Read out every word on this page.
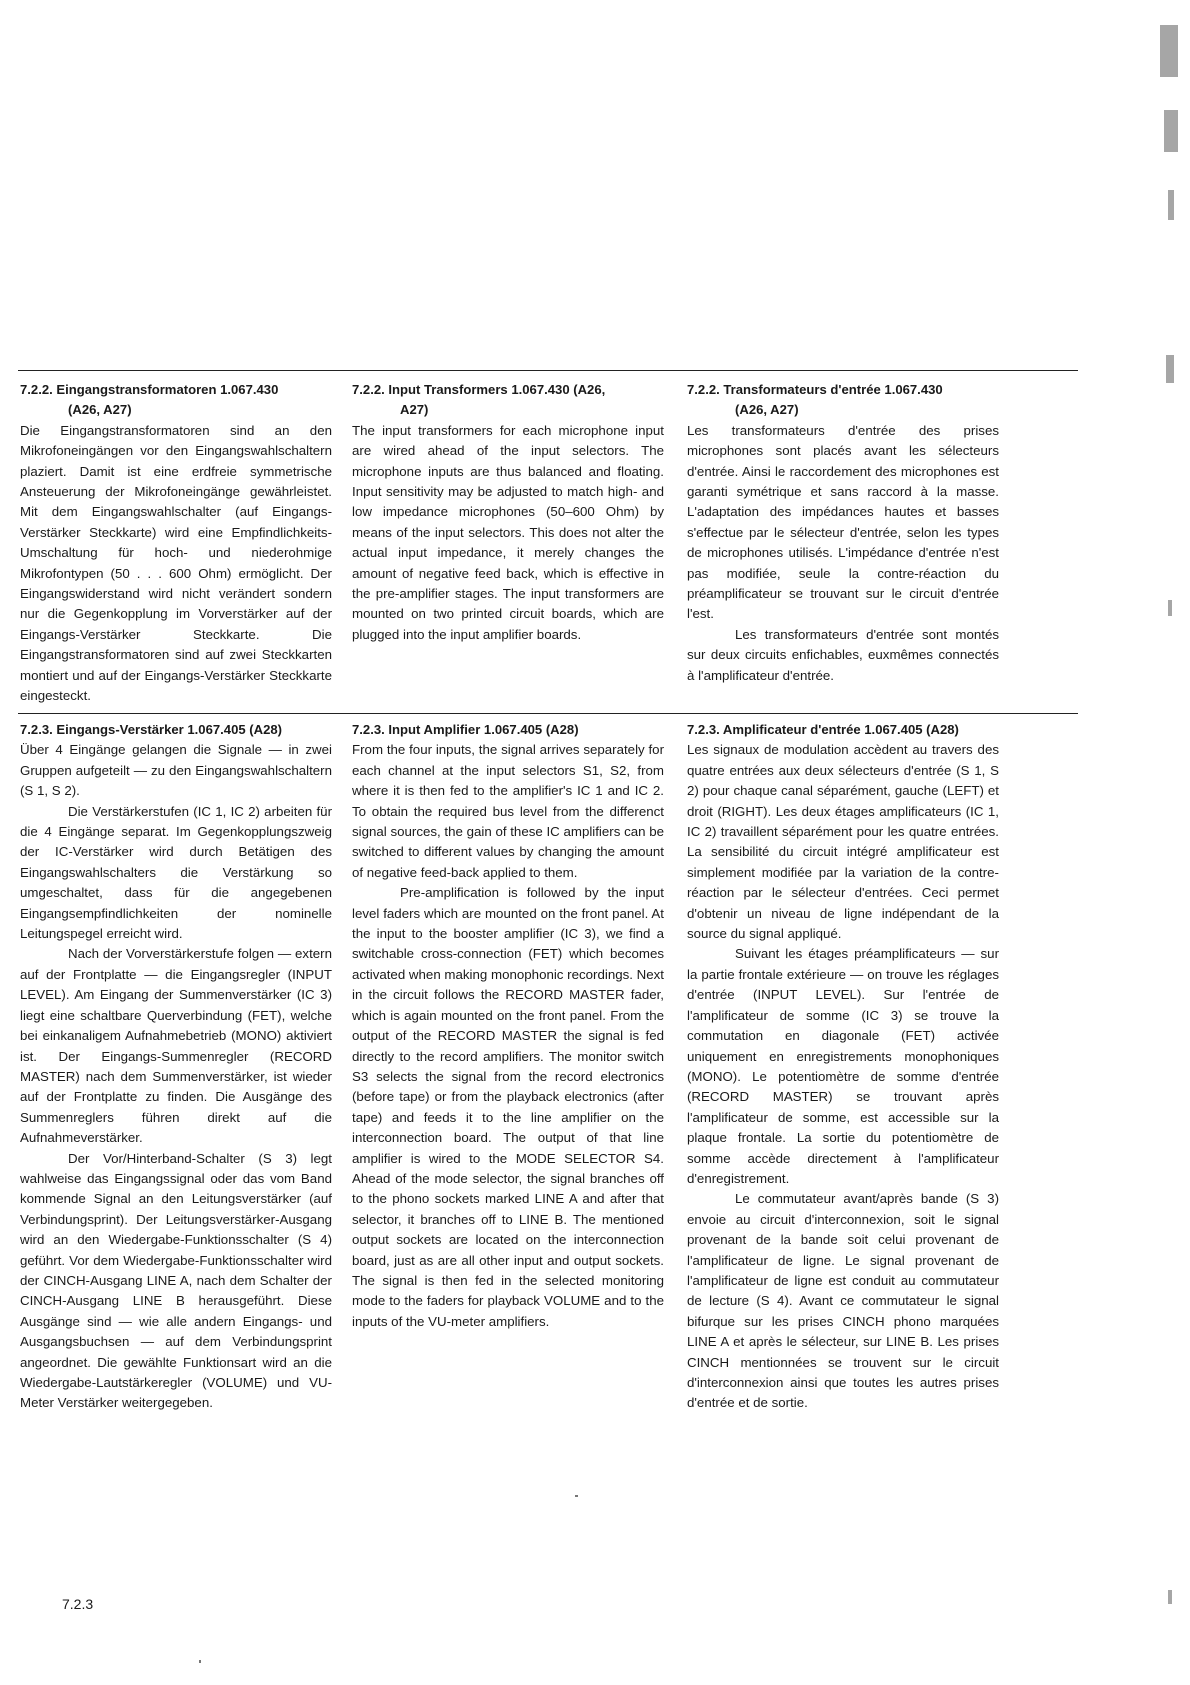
7.2.2. Eingangstransformatoren 1.067.430

(A26, A27)

Die Eingangstransformatoren sind an den Mikrofoneingängen vor den Eingangswahlschaltern plaziert. Damit ist eine erdfreie symmetrische Ansteuerung der Mikrofoneingänge gewährleistet. Mit dem Eingangswahlschalter (auf Eingangs-Verstärker Steckkarte) wird eine Empfindlichkeits-Umschaltung für hoch- und niederohmige Mikrofontypen (50 . . . 600 Ohm) ermöglicht. Der Eingangswiderstand wird nicht verändert sondern nur die Gegenkopplung im Vorverstärker auf der Eingangs-Verstärker Steckkarte. Die Eingangstransformatoren sind auf zwei Steckkarten montiert und auf der Eingangs-Verstärker Steckkarte eingesteckt.

7.2.2. Input Transformers 1.067.430 (A26,

A27)

The input transformers for each microphone input are wired ahead of the input selectors. The microphone inputs are thus balanced and floating. Input sensitivity may be adjusted to match high- and low impedance microphones (50–600 Ohm) by means of the input selectors. This does not alter the actual input impedance, it merely changes the amount of negative feed back, which is effective in the pre-amplifier stages. The input transformers are mounted on two printed circuit boards, which are plugged into the input amplifier boards.

7.2.2. Transformateurs d'entrée 1.067.430

(A26, A27)

Les transformateurs d'entrée des prises microphones sont placés avant les sélecteurs d'entrée. Ainsi le raccordement des microphones est garanti symétrique et sans raccord à la masse. L'adaptation des impédances hautes et basses s'effectue par le sélecteur d'entrée, selon les types de microphones utilisés. L'impédance d'entrée n'est pas modifiée, seule la contre-réaction du préamplificateur se trouvant sur le circuit d'entrée l'est.

Les transformateurs d'entrée sont montés sur deux circuits enfichables, euxmêmes connectés à l'amplificateur d'entrée.

7.2.3. Eingangs-Verstärker 1.067.405 (A28)

Über 4 Eingänge gelangen die Signale — in zwei Gruppen aufgeteilt — zu den Eingangswahlschaltern (S 1, S 2).

Die Verstärkerstufen (IC 1, IC 2) arbeiten für die 4 Eingänge separat. Im Gegenkopplungszweig der IC-Verstärker wird durch Betätigen des Eingangswahlschalters die Verstärkung so umgeschaltet, dass für die angegebenen Eingangsempfindlichkeiten der nominelle Leitungspegel erreicht wird.

Nach der Vorverstärkerstufe folgen — extern auf der Frontplatte — die Eingangsregler (INPUT LEVEL). Am Eingang der Summenverstärker (IC 3) liegt eine schaltbare Querverbindung (FET), welche bei einkanaligem Aufnahmebetrieb (MONO) aktiviert ist. Der Eingangs-Summenregler (RECORD MASTER) nach dem Summenverstärker, ist wieder auf der Frontplatte zu finden. Die Ausgänge des Summenreglers führen direkt auf die Aufnahmeverstärker.

Der Vor/Hinterband-Schalter (S 3) legt wahlweise das Eingangssignal oder das vom Band kommende Signal an den Leitungsverstärker (auf Verbindungsprint). Der Leitungsverstärker-Ausgang wird an den Wiedergabe-Funktionsschalter (S 4) geführt. Vor dem Wiedergabe-Funktionsschalter wird der CINCH-Ausgang LINE A, nach dem Schalter der CINCH-Ausgang LINE B herausgeführt. Diese Ausgänge sind — wie alle andern Eingangs- und Ausgangsbuchsen — auf dem Verbindungsprint angeordnet. Die gewählte Funktionsart wird an die Wiedergabe-Lautstärkeregler (VOLUME) und VU-Meter Verstärker weitergegeben.

7.2.3. Input Amplifier 1.067.405 (A28)

From the four inputs, the signal arrives separately for each channel at the input selectors S1, S2, from where it is then fed to the amplifier's IC 1 and IC 2. To obtain the required bus level from the differenct signal sources, the gain of these IC amplifiers can be switched to different values by changing the amount of negative feed-back applied to them.

Pre-amplification is followed by the input level faders which are mounted on the front panel. At the input to the booster amplifier (IC 3), we find a switchable cross-connection (FET) which becomes activated when making monophonic recordings. Next in the circuit follows the RECORD MASTER fader, which is again mounted on the front panel. From the output of the RECORD MASTER the signal is fed directly to the record amplifiers. The monitor switch S3 selects the signal from the record electronics (before tape) or from the playback electronics (after tape) and feeds it to the line amplifier on the interconnection board. The output of that line amplifier is wired to the MODE SELECTOR S4. Ahead of the mode selector, the signal branches off to the phono sockets marked LINE A and after that selector, it branches off to LINE B. The mentioned output sockets are located on the interconnection board, just as are all other input and output sockets. The signal is then fed in the selected monitoring mode to the faders for playback VOLUME and to the inputs of the VU-meter amplifiers.

7.2.3. Amplificateur d'entrée 1.067.405 (A28)

Les signaux de modulation accèdent au travers des quatre entrées aux deux sélecteurs d'entrée (S 1, S 2) pour chaque canal séparément, gauche (LEFT) et droit (RIGHT). Les deux étages amplificateurs (IC 1, IC 2) travaillent séparément pour les quatre entrées. La sensibilité du circuit intégré amplificateur est simplement modifiée par la variation de la contre-réaction par le sélecteur d'entrées. Ceci permet d'obtenir un niveau de ligne indépendant de la source du signal appliqué.

Suivant les étages préamplificateurs — sur la partie frontale extérieure — on trouve les réglages d'entrée (INPUT LEVEL). Sur l'entrée de l'amplificateur de somme (IC 3) se trouve la commutation en diagonale (FET) activée uniquement en enregistrements monophoniques (MONO). Le potentiomètre de somme d'entrée (RECORD MASTER) se trouvant après l'amplificateur de somme, est accessible sur la plaque frontale. La sortie du potentiomètre de somme accède directement à l'amplificateur d'enregistrement.

Le commutateur avant/après bande (S 3) envoie au circuit d'interconnexion, soit le signal provenant de la bande soit celui provenant de l'amplificateur de ligne. Le signal provenant de l'amplificateur de ligne est conduit au commutateur de lecture (S 4). Avant ce commutateur le signal bifurque sur les prises CINCH phono marquées LINE A et après le sélecteur, sur LINE B. Les prises CINCH mentionnées se trouvent sur le circuit d'interconnexion ainsi que toutes les autres prises d'entrée et de sortie.

7.2.3
